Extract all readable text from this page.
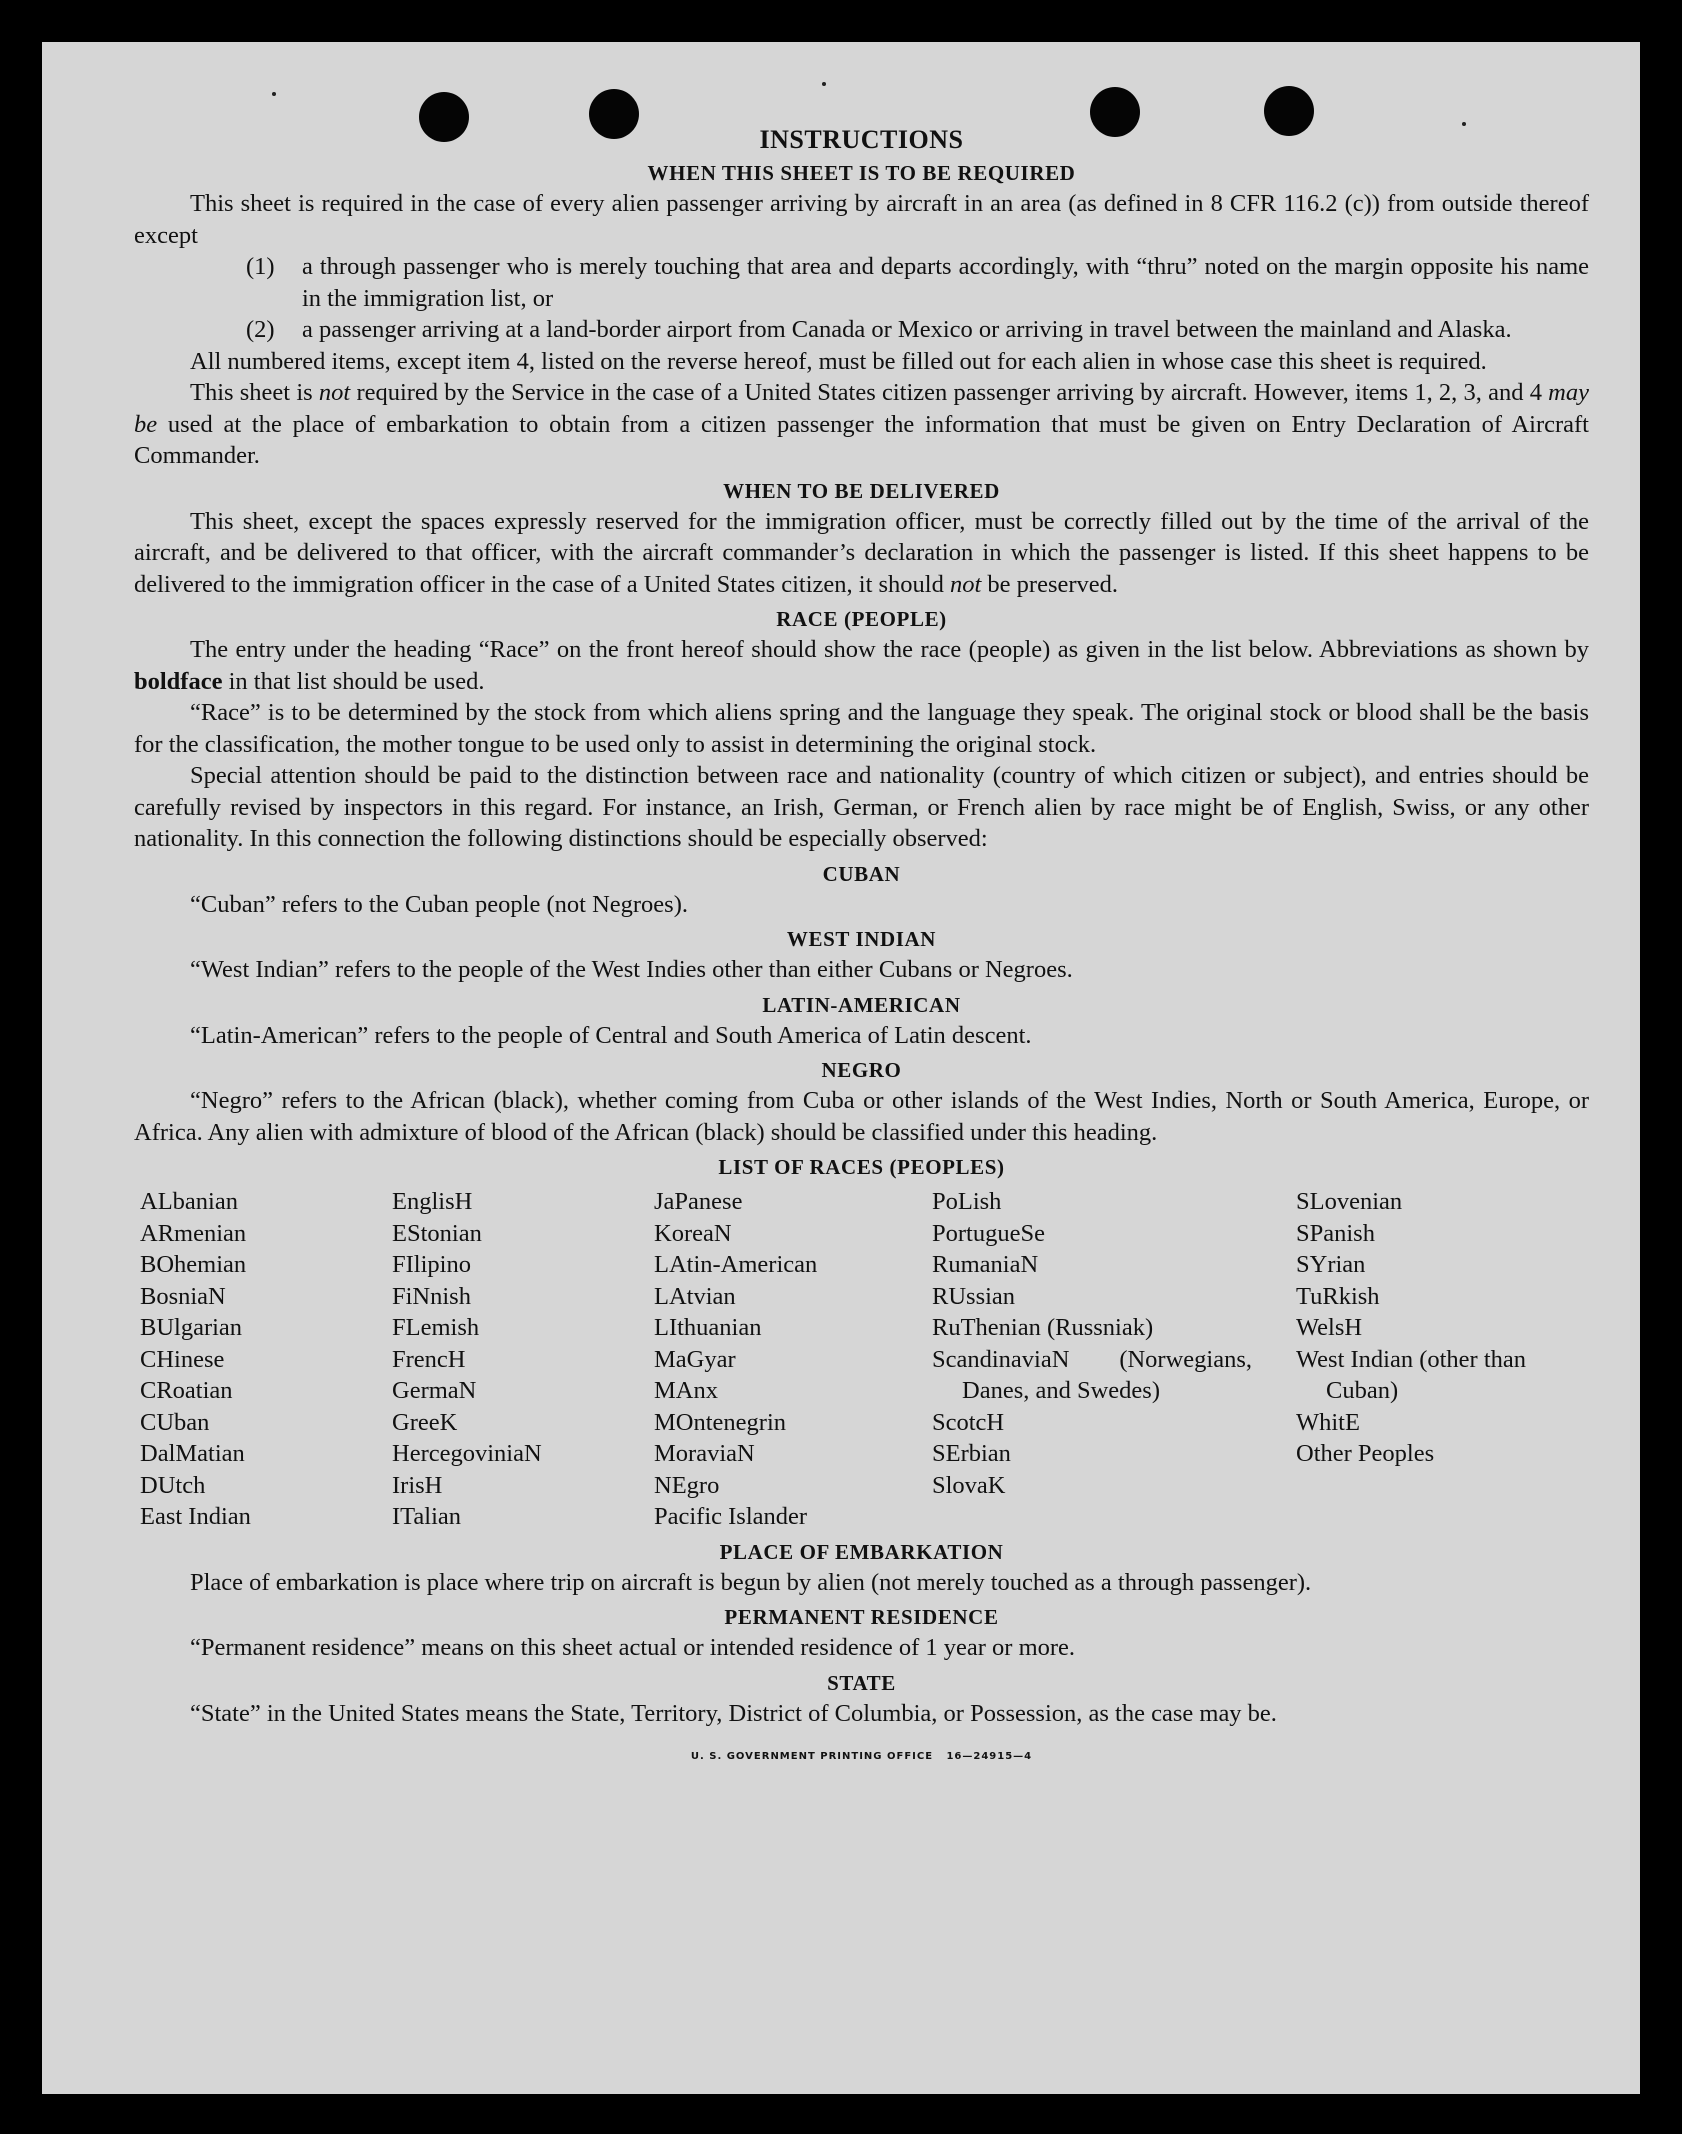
INSTRUCTIONS
WHEN THIS SHEET IS TO BE REQUIRED

This sheet is required in the case of every alien passenger arriving by aircraft in an area (as defined in 8 CFR 116.2 (c)) from outside thereof except

(1)	a through passenger who is merely touching that area and departs accordingly, with “thru” noted on the margin opposite his name in the immigration list, or
(2)	a passenger arriving at a land-border airport from Canada or Mexico or arriving in travel between the mainland and Alaska.

All numbered items, except item 4, listed on the reverse hereof, must be filled out for each alien in whose case this sheet is required.

This sheet is not required by the Service in the case of a United States citizen passenger arriving by aircraft. However, items 1, 2, 3, and 4 may be used at the place of embarkation to obtain from a citizen passenger the information that must be given on Entry Declaration of Aircraft Commander.

WHEN TO BE DELIVERED

This sheet, except the spaces expressly reserved for the immigration officer, must be correctly filled out by the time of the arrival of the aircraft, and be delivered to that officer, with the aircraft commander’s declaration in which the passenger is listed. If this sheet happens to be delivered to the immigration officer in the case of a United States citizen, it should not be preserved.

RACE (PEOPLE)

The entry under the heading “Race” on the front hereof should show the race (people) as given in the list below. Abbreviations as shown by boldface in that list should be used.

“Race” is to be determined by the stock from which aliens spring and the language they speak. The original stock or blood shall be the basis for the classification, the mother tongue to be used only to assist in determining the original stock.

Special attention should be paid to the distinction between race and nationality (country of which citizen or subject), and entries should be carefully revised by inspectors in this regard. For instance, an Irish, German, or French alien by race might be of English, Swiss, or any other nationality. In this connection the following distinctions should be especially observed:

CUBAN

“Cuban” refers to the Cuban people (not Negroes).

WEST INDIAN

“West Indian” refers to the people of the West Indies other than either Cubans or Negroes.

LATIN-AMERICAN

“Latin-American” refers to the people of Central and South America of Latin descent.

NEGRO

“Negro” refers to the African (black), whether coming from Cuba or other islands of the West Indies, North or South America, Europe, or Africa. Any alien with admixture of blood of the African (black) should be classified under this heading.

LIST OF RACES (PEOPLES)
ALbanian
ARmenian
BOhemian
BosniaN
BUlgarian
CHinese
CRoatian
CUban
DalMatian
DUtch
East Indian
EnglisH
EStonian
FIlipino
FiNnish
FLemish
FrencH
GermaN
GreeK
HercegoviniaN
IrisH
ITalian
JaPanese
KoreaN
LAtin-American
LAtvian
LIthuanian
MaGyar
MAnx
MOntenegrin
MoraviaN
NEgro
Pacific Islander
PoLish
PortugueSe
RumaniaN
RUssian
RuThenian (Russniak)
ScandinaviaN (Norwegians, Danes, and Swedes)
ScotcH
SErbian
SlovaK
SLovenian
SPanish
SYrian
TuRkish
WelsH
West Indian (other than Cuban)
WhitE
Other Peoples
PLACE OF EMBARKATION

Place of embarkation is place where trip on aircraft is begun by alien (not merely touched as a through passenger).

PERMANENT RESIDENCE

“Permanent residence” means on this sheet actual or intended residence of 1 year or more.

STATE

“State” in the United States means the State, Territory, District of Columbia, or Possession, as the case may be.

U. S. GOVERNMENT PRINTING OFFICE   16—24915—4
